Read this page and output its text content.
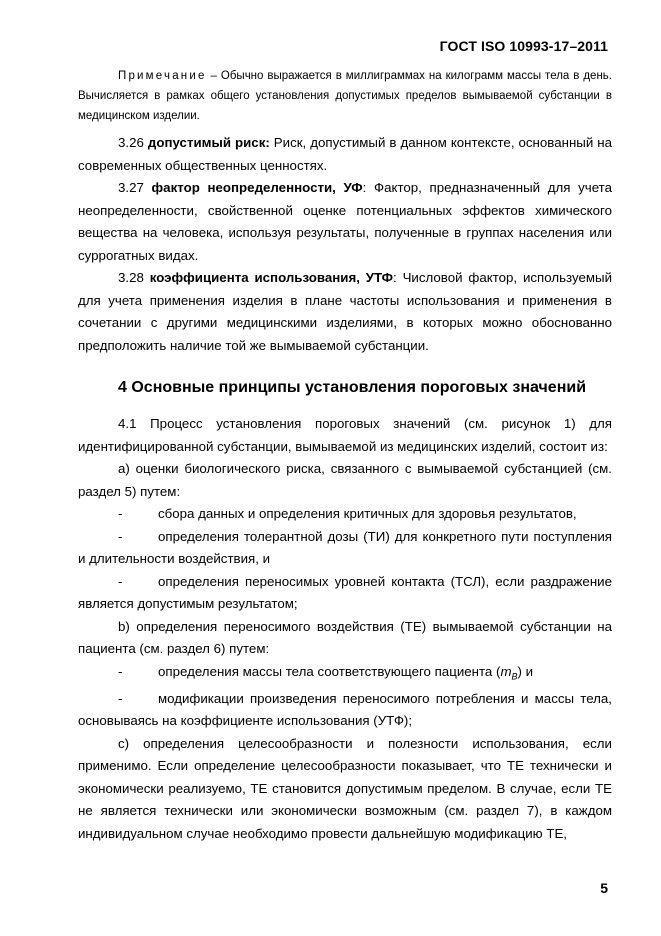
ГОСТ ISO 10993-17–2011

Примечание – Обычно выражается в миллиграммах на килограмм массы тела в день. Вычисляется в рамках общего установления допустимых пределов вымываемой субстанции в медицинском изделии.

3.26 допустимый риск: Риск, допустимый в данном контексте, основанный на современных общественных ценностях.

3.27 фактор неопределенности, УФ: Фактор, предназначенный для учета неопределенности, свойственной оценке потенциальных эффектов химического вещества на человека, используя результаты, полученные в группах населения или суррогатных видах.

3.28 коэффициента использования, УТФ: Числовой фактор, используемый для учета применения изделия в плане частоты использования и применения в сочетании с другими медицинскими изделиями, в которых можно обоснованно предположить наличие той же вымываемой субстанции.

4 Основные принципы установления пороговых значений

4.1 Процесс установления пороговых значений (см. рисунок 1) для идентифицированной субстанции, вымываемой из медицинских изделий, состоит из:

а) оценки биологического риска, связанного с вымываемой субстанцией (см. раздел 5) путем:

-	сбора данных и определения критичных для здоровья результатов,

-	определения толерантной дозы (ТИ) для конкретного пути поступления и длительности воздействия, и

-	определения переносимых уровней контакта (ТСЛ), если раздражение является допустимым результатом;

b) определения переносимого воздействия (ТЕ) вымываемой субстанции на пациента (см. раздел 6) путем:

-	определения массы тела соответствующего пациента $(m_B)$ и

-	модификации произведения переносимого потребления и массы тела, основываясь на коэффициенте использования (УТФ);

с) определения целесообразности и полезности использования, если применимо. Если определение целесообразности показывает, что ТЕ технически и экономически реализуемо, ТЕ становится допустимым пределом. В случае, если ТЕ не является технически или экономически возможным (см. раздел 7), в каждом индивидуальном случае необходимо провести дальнейшую модификацию ТЕ,

5
